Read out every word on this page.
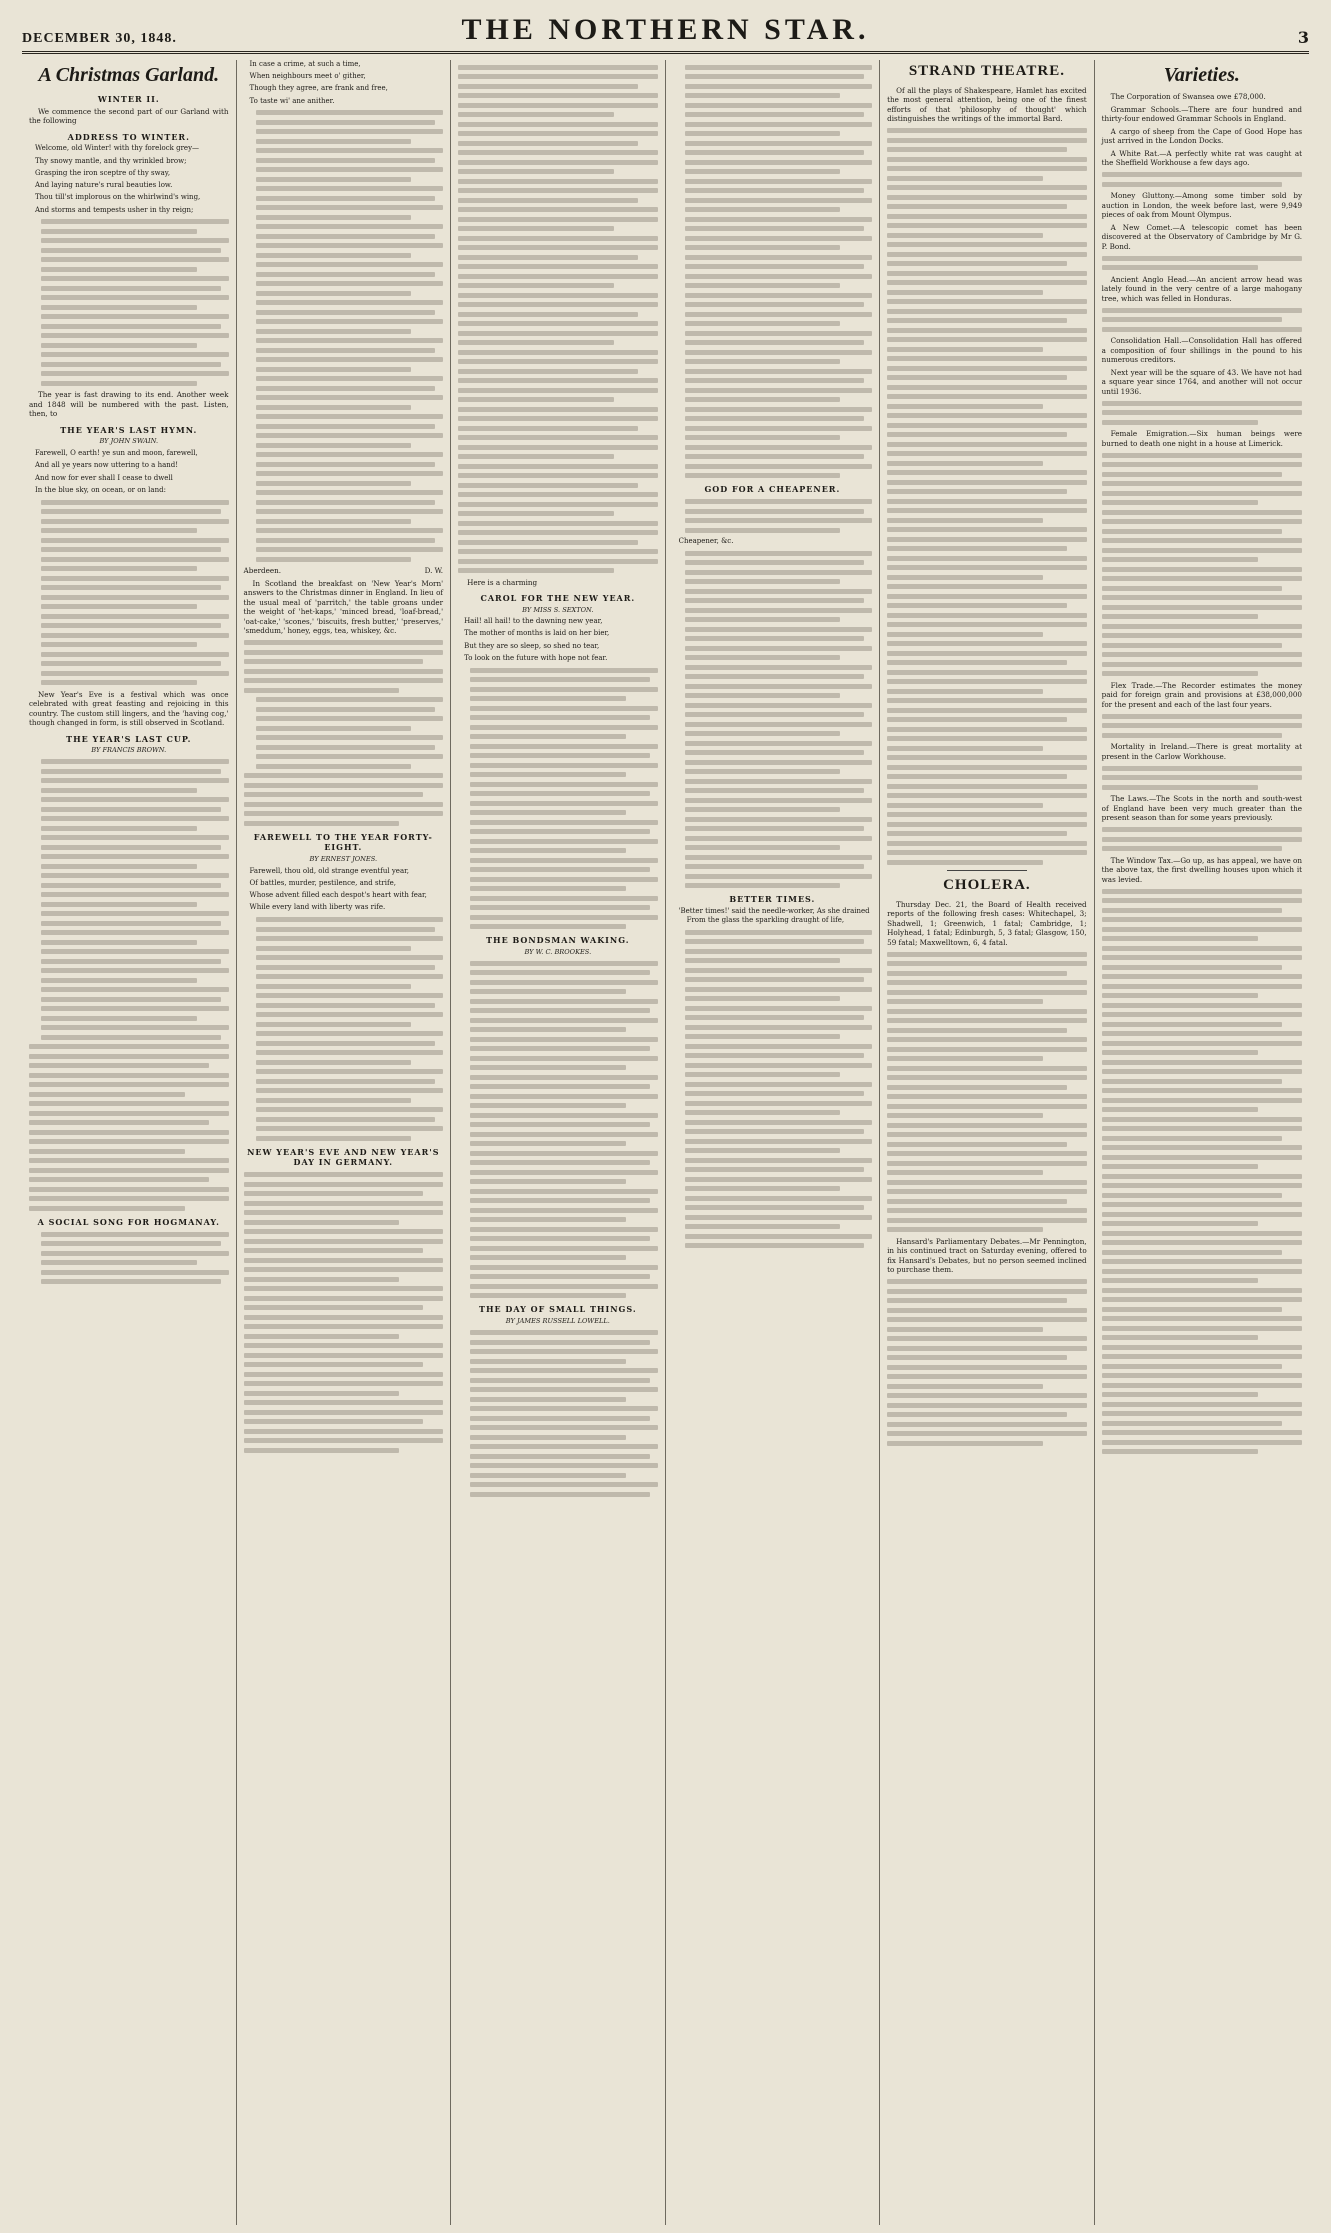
DECEMBER 30, 1848.	THE NORTHERN STAR.	3
A Christmas Garland.
WINTER II.

We commence the second part of our Garland with the following

ADDRESS TO WINTER.

Welcome, old Winter! with thy forelock grey—

Thy snowy mantle, and thy wrinkled brow;

Grasping the iron sceptre of thy sway,

And laying nature's rural beauties low.

Thou till'st implorous on the whirlwind's wing,

And storms and tempests usher in thy reign;

The year is fast drawing to its end. Another week and 1848 will be numbered with the past. Listen, then, to

THE YEAR'S LAST HYMN.
BY JOHN SWAIN.

Farewell, O earth! ye sun and moon, farewell,

And all ye years now uttering to a hand!

And now for ever shall I cease to dwell

In the blue sky, on ocean, or on land:

New Year's Eve is a festival which was once celebrated with great feasting and rejoicing in this country. The custom still lingers, and the 'having cog,' though changed in form, is still observed in Scotland.

THE YEAR'S LAST CUP.
BY FRANCIS BROWN.
A SOCIAL SONG FOR HOGMANAY.

In case a crime, at such a time,

When neighbours meet o' gither,

Though they agree, are frank and free,

To taste wi' ane anither.

Aberdeen.	D. W.

In Scotland the breakfast on 'New Year's Morn' answers to the Christmas dinner in England. In lieu of the usual meal of 'parritch,' the table groans under the weight of 'het-kaps,' 'minced bread, 'loaf-bread,' 'oat-cake,' 'scones,' 'biscuits, fresh butter,' 'preserves,' 'smeddum,' honey, eggs, tea, whiskey, &c.

FAREWELL TO THE YEAR FORTY-EIGHT.
BY ERNEST JONES.

Farewell, thou old, old strange eventful year,

Of battles, murder, pestilence, and strife,

Whose advent filled each despot's heart with fear,

While every land with liberty was rife.

NEW YEAR'S EVE AND NEW YEAR'S DAY IN GERMANY.

Here is a charming

CAROL FOR THE NEW YEAR.
BY MISS S. SEXTON.

Hail! all hail! to the dawning new year,

The mother of months is laid on her bier,

But they are so sleep, so shed no tear,

To look on the future with hope not fear.

THE BONDSMAN WAKING.
BY W. C. BROOKES.
THE DAY OF SMALL THINGS.
BY JAMES RUSSELL LOWELL.
GOD FOR A CHEAPENER.

Cheapener, &c.

BETTER TIMES.

'Better times!' said the needle-worker, As she drained From the glass the sparkling draught of life,

STRAND THEATRE.

Of all the plays of Shakespeare, Hamlet has excited the most general attention, being one of the finest efforts of that 'philosophy of thought' which distinguishes the writings of the immortal Bard.

CHOLERA.

Thursday Dec. 21, the Board of Health received reports of the following fresh cases: Whitechapel, 3; Shadwell, 1; Greenwich, 1 fatal; Cambridge, 1; Holyhead, 1 fatal; Edinburgh, 5, 3 fatal; Glasgow, 150, 59 fatal; Maxwelltown, 6, 4 fatal.

Hansard's Parliamentary Debates.—Mr Pennington, in his continued tract on Saturday evening, offered to fix Hansard's Debates, but no person seemed inclined to purchase them.

Varieties.

The Corporation of Swansea owe £78,000.

Grammar Schools.—There are four hundred and thirty-four endowed Grammar Schools in England.

A cargo of sheep from the Cape of Good Hope has just arrived in the London Docks.

A White Rat.—A perfectly white rat was caught at the Sheffield Workhouse a few days ago.

Money Gluttony.—Among some timber sold by auction in London, the week before last, were 9,949 pieces of oak from Mount Olympus.

A New Comet.—A telescopic comet has been discovered at the Observatory of Cambridge by Mr G. P. Bond.

Ancient Anglo Head.—An ancient arrow head was lately found in the very centre of a large mahogany tree, which was felled in Honduras.

Consolidation Hall.—Consolidation Hall has offered a composition of four shillings in the pound to his numerous creditors.

Next year will be the square of 43. We have not had a square year since 1764, and another will not occur until 1936.

Female Emigration.—Six human beings were burned to death one night in a house at Limerick.

Flex Trade.—The Recorder estimates the money paid for foreign grain and provisions at £38,000,000 for the present and each of the last four years.

Mortality in Ireland.—There is great mortality at present in the Carlow Workhouse.

The Laws.—The Scots in the north and south-west of England have been very much greater than the present season than for some years previously.

The Window Tax.—Go up, as has appeal, we have on the above tax, the first dwelling houses upon which it was levied.
